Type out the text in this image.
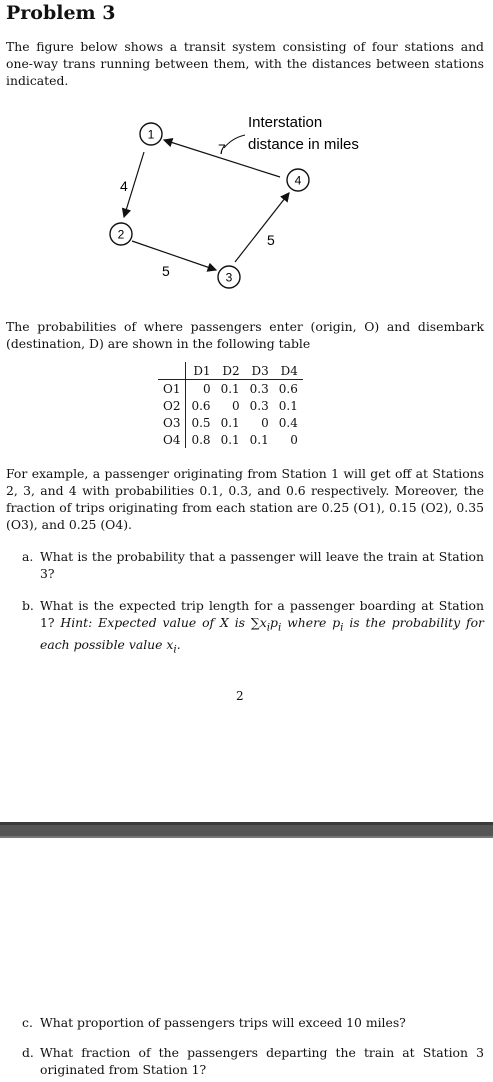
Problem 3
The figure below shows a transit system consisting of four stations and one-way trans running between them, with the distances between stations indicated.
1
2
3
4
7
4
5
5
Interstation
distance in miles
The probabilities of where passengers enter (origin, O) and disembark (destination, D) are shown in the following table
	D1	D2	D3	D4
O1	0	0.1	0.3	0.6
O2	0.6	0	0.3	0.1
O3	0.5	0.1	0	0.4
O4	0.8	0.1	0.1	0
For example, a passenger originating from Station 1 will get off at Stations 2, 3, and 4 with probabilities 0.1, 0.3, and 0.6 respectively. Moreover, the fraction of trips originating from each station are 0.25 (O1), 0.15 (O2), 0.35 (O3), and 0.25 (O4).
a. What is the probability that a passenger will leave the train at Station 3?
b. What is the expected trip length for a passenger boarding at Station 1? Hint: Expected value of X is $\sum x_ip_i$ where $p_i$ is the probability for each possible value $x_i$.
2
c. What proportion of passengers trips will exceed 10 miles?
d. What fraction of the passengers departing the train at Station 3 originated from Station 1?
